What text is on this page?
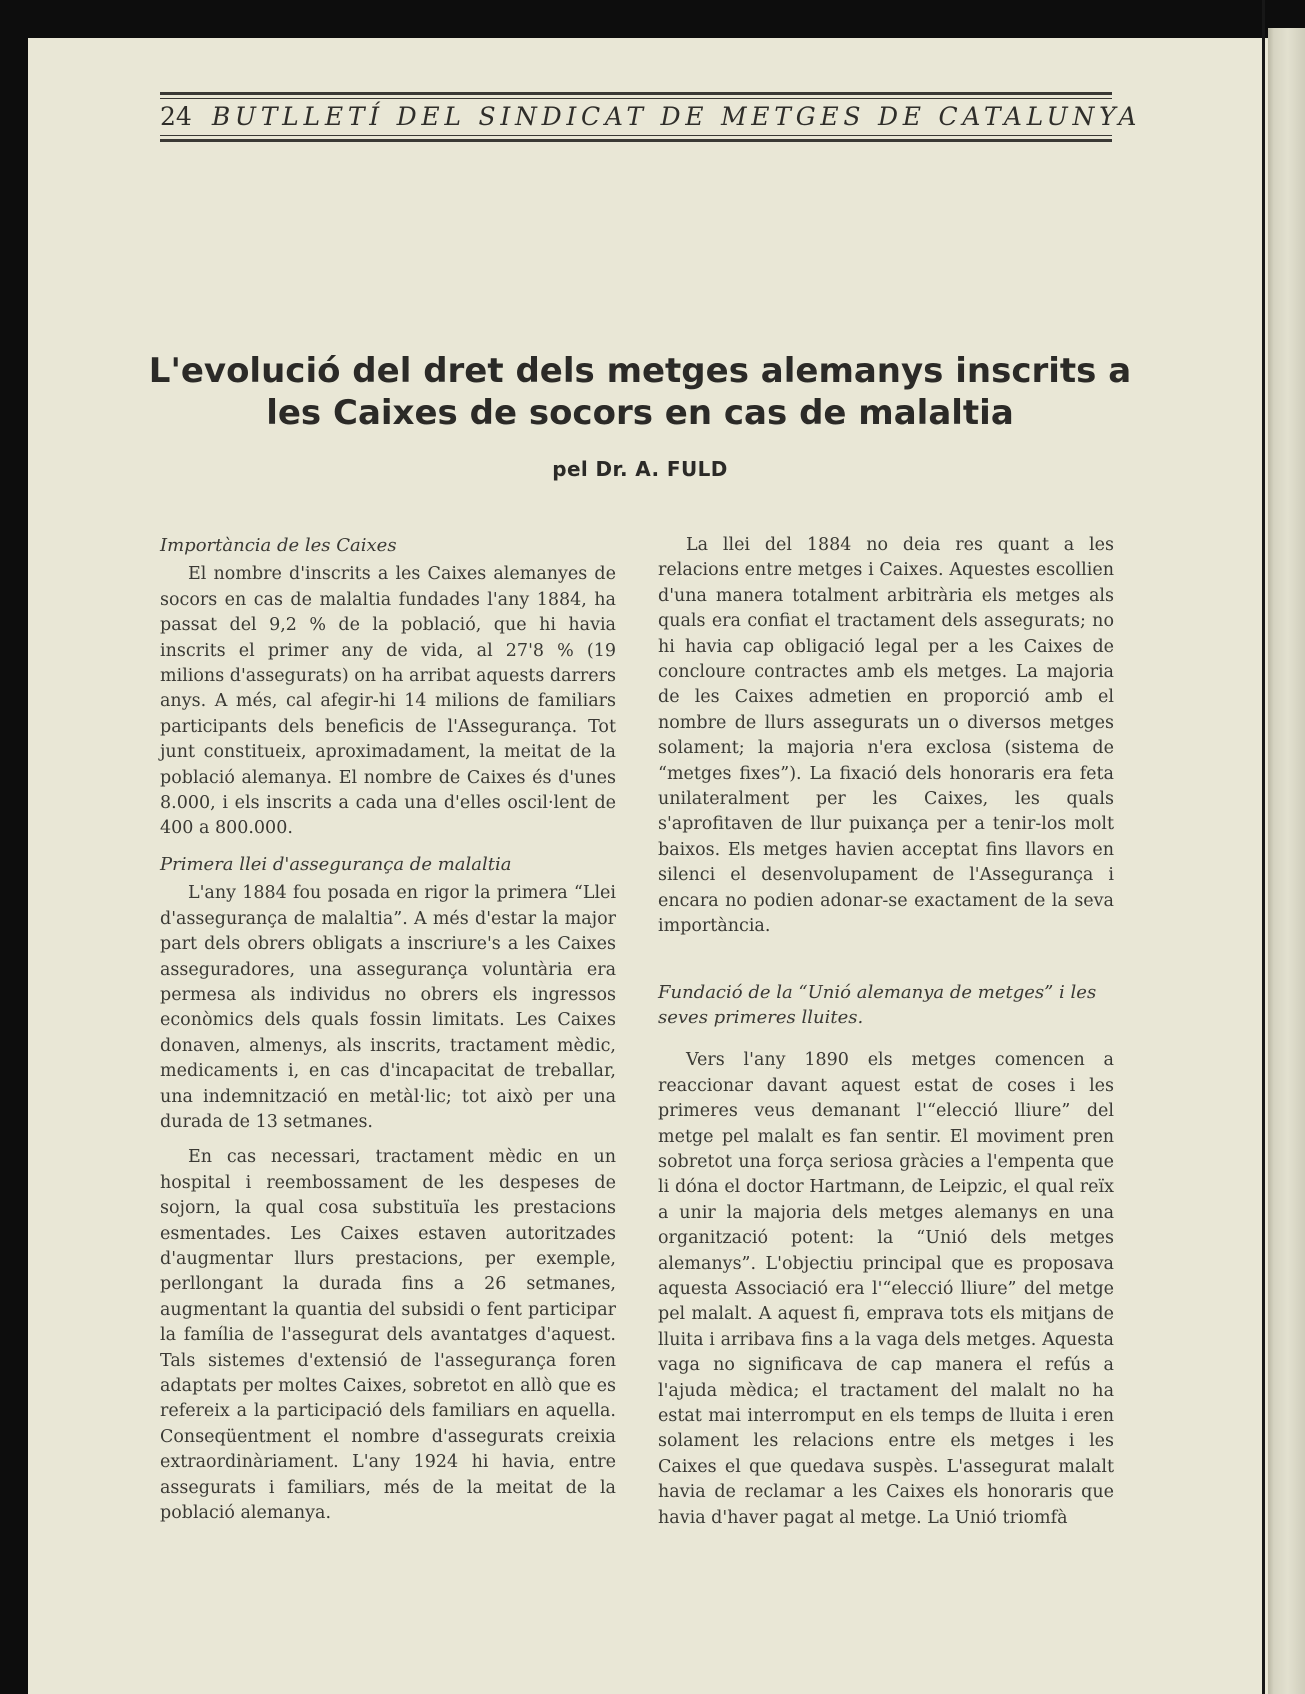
24 BUTLLETÍ DEL SINDICAT DE METGES DE CATALUNYA
L'evolució del dret dels metges alemanys inscrits a les Caixes de socors en cas de malaltia
pel Dr. A. FULD
Importància de les Caixes

El nombre d'inscrits a les Caixes alemanyes de socors en cas de malaltia fundades l'any 1884, ha passat del 9,2 % de la població, que hi havia inscrits el primer any de vida, al 27'8 % (19 milions d'assegurats) on ha arribat aquests darrers anys. A més, cal afegir-hi 14 milions de familiars participants dels beneficis de l'Assegurança. Tot junt constitueix, aproximadament, la meitat de la població alemanya. El nombre de Caixes és d'unes 8.000, i els inscrits a cada una d'elles oscil·lent de 400 a 800.000.

Primera llei d'assegurança de malaltia

L'any 1884 fou posada en rigor la primera “Llei d'assegurança de malaltia”. A més d'estar la major part dels obrers obligats a inscriure's a les Caixes asseguradores, una assegurança voluntària era permesa als individus no obrers els ingressos econòmics dels quals fossin limitats. Les Caixes donaven, almenys, als inscrits, tractament mèdic, medicaments i, en cas d'incapacitat de treballar, una indemnització en metàl·lic; tot això per una durada de 13 setmanes.

En cas necessari, tractament mèdic en un hospital i reembossament de les despeses de sojorn, la qual cosa substituïa les prestacions esmentades. Les Caixes estaven autoritzades d'augmentar llurs prestacions, per exemple, perllongant la durada fins a 26 setmanes, augmentant la quantia del subsidi o fent participar la família de l'assegurat dels avantatges d'aquest. Tals sistemes d'extensió de l'assegurança foren adaptats per moltes Caixes, sobretot en allò que es refereix a la participació dels familiars en aquella. Conseqüentment el nombre d'assegurats creixia extraordinàriament. L'any 1924 hi havia, entre assegurats i familiars, més de la meitat de la població alemanya.

La llei del 1884 no deia res quant a les relacions entre metges i Caixes. Aquestes escollien d'una manera totalment arbitrària els metges als quals era confiat el tractament dels assegurats; no hi havia cap obligació legal per a les Caixes de concloure contractes amb els metges. La majoria de les Caixes admetien en proporció amb el nombre de llurs assegurats un o diversos metges solament; la majoria n'era exclosa (sistema de “metges fixes”). La fixació dels honoraris era feta unilateralment per les Caixes, les quals s'aprofitaven de llur puixança per a tenir-los molt baixos. Els metges havien acceptat fins llavors en silenci el desenvolupament de l'Assegurança i encara no podien adonar-se exactament de la seva importància.

Fundació de la “Unió alemanya de metges” i les seves primeres lluites.

Vers l'any 1890 els metges comencen a reaccionar davant aquest estat de coses i les primeres veus demanant l'“elecció lliure” del metge pel malalt es fan sentir. El moviment pren sobretot una força seriosa gràcies a l'empenta que li dóna el doctor Hartmann, de Leipzic, el qual reïx a unir la majoria dels metges alemanys en una organització potent: la “Unió dels metges alemanys”. L'objectiu principal que es proposava aquesta Associació era l'“elecció lliure” del metge pel malalt. A aquest fi, emprava tots els mitjans de lluita i arribava fins a la vaga dels metges. Aquesta vaga no significava de cap manera el refús a l'ajuda mèdica; el tractament del malalt no ha estat mai interromput en els temps de lluita i eren solament les relacions entre els metges i les Caixes el que quedava suspès. L'assegurat malalt havia de reclamar a les Caixes els honoraris que havia d'haver pagat al metge. La Unió triomfà
